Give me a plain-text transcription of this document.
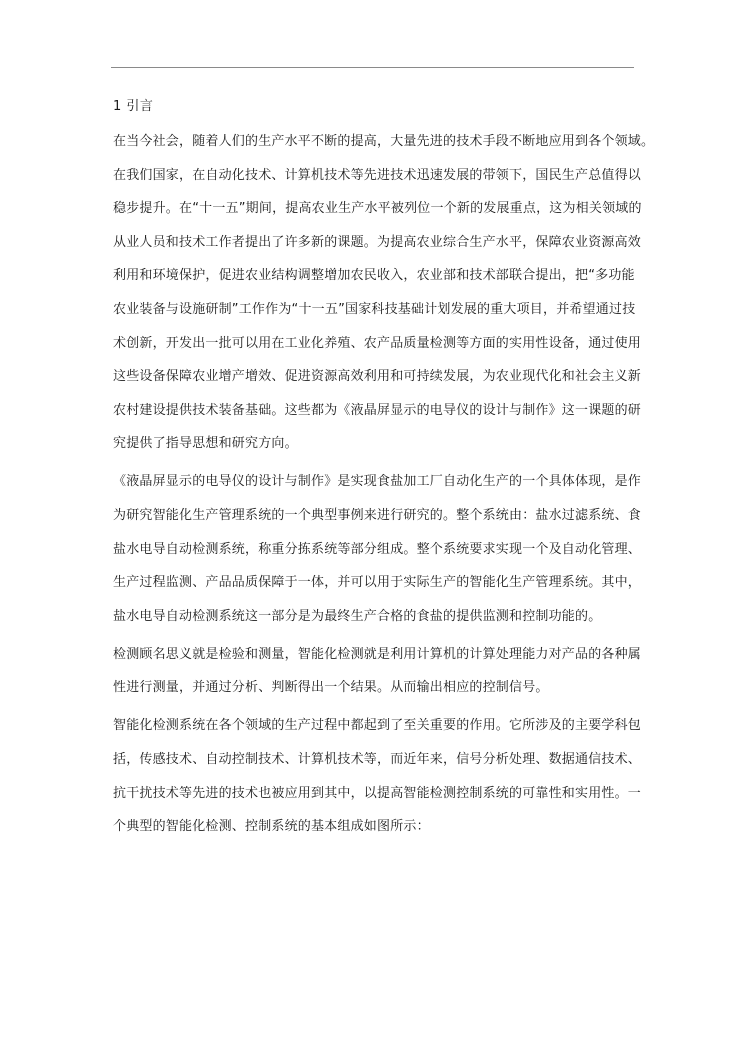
1 引言
在当今社会，随着人们的生产水平不断的提高，大量先进的技术手段不断地应用到各个领域。
在我们国家，在自动化技术、计算机技术等先进技术迅速发展的带领下，国民生产总值得以
稳步提升。在“十一五”期间，提高农业生产水平被列位一个新的发展重点，这为相关领域的
从业人员和技术工作者提出了许多新的课题。为提高农业综合生产水平，保障农业资源高效
利用和环境保护，促进农业结构调整增加农民收入，农业部和技术部联合提出，把“多功能
农业装备与设施研制”工作作为“十一五”国家科技基础计划发展的重大项目，并希望通过技
术创新，开发出一批可以用在工业化养殖、农产品质量检测等方面的实用性设备，通过使用
这些设备保障农业增产增效、促进资源高效利用和可持续发展，为农业现代化和社会主义新
农村建设提供技术装备基础。这些都为《液晶屏显示的电导仪的设计与制作》这一课题的研
究提供了指导思想和研究方向。
《液晶屏显示的电导仪的设计与制作》是实现食盐加工厂自动化生产的一个具体体现，是作
为研究智能化生产管理系统的一个典型事例来进行研究的。整个系统由：盐水过滤系统、食
盐水电导自动检测系统，称重分拣系统等部分组成。整个系统要求实现一个及自动化管理、
生产过程监测、产品品质保障于一体，并可以用于实际生产的智能化生产管理系统。其中，
盐水电导自动检测系统这一部分是为最终生产合格的食盐的提供监测和控制功能的。
检测顾名思义就是检验和测量，智能化检测就是利用计算机的计算处理能力对产品的各种属
性进行测量，并通过分析、判断得出一个结果。从而输出相应的控制信号。
智能化检测系统在各个领域的生产过程中都起到了至关重要的作用。它所涉及的主要学科包
括，传感技术、自动控制技术、计算机技术等，而近年来，信号分析处理、数据通信技术、
抗干扰技术等先进的技术也被应用到其中，以提高智能检测控制系统的可靠性和实用性。一
个典型的智能化检测、控制系统的基本组成如图所示：
